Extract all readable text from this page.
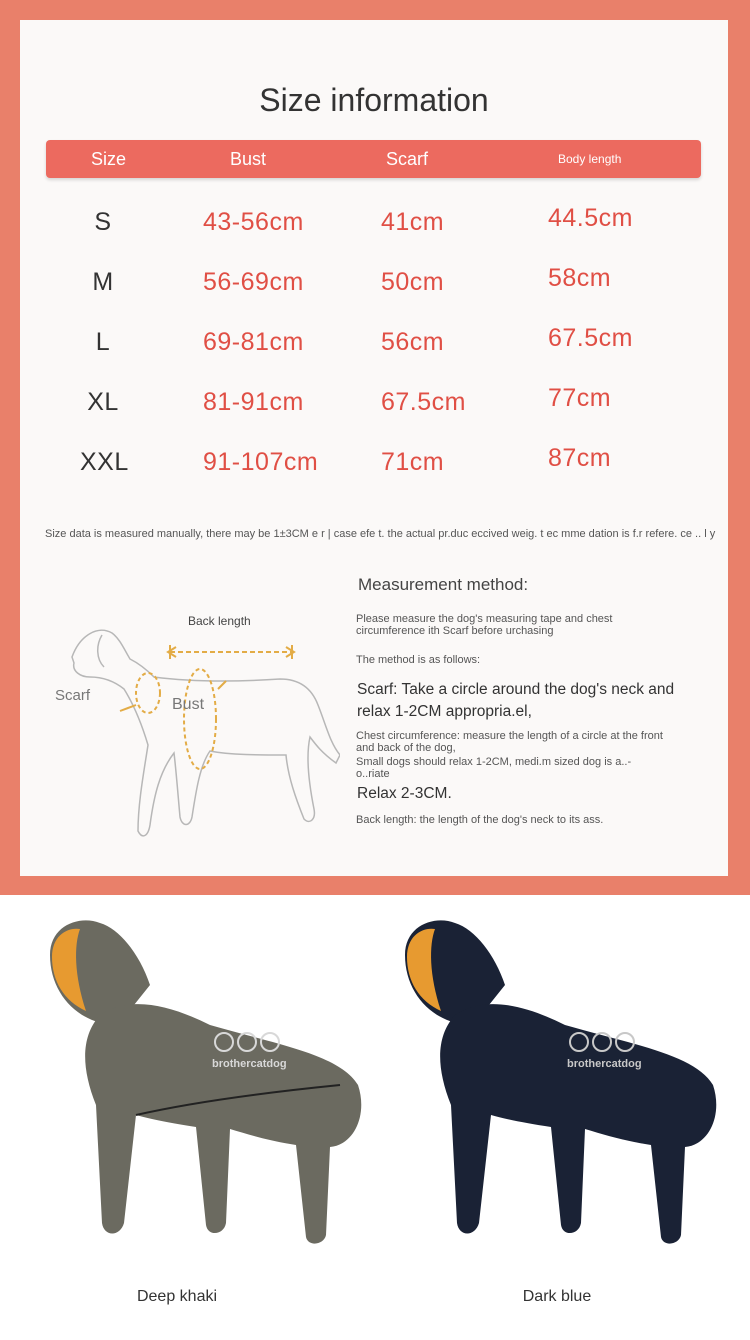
Size information
Size	Bust	Scarf	Body length
S	43-56cm	41cm	44.5cm
M	56-69cm	50cm	58cm
L	69-81cm	56cm	67.5cm
XL	81-91cm	67.5cm	77cm
XXL	91-107cm	71cm	87cm
Size data is measured manually, there may be 1±3CM e r | case efe t. the actual pr.duc eccived weig. t ec mme dation is f.r refere. ce .. l y
Back length
Scarf
Bust
Measurement method:
Please measure the dog's measuring tape and chest circumference ith Scarf before urchasing
The method is as follows:
Scarf: Take a circle around the dog's neck and relax 1-2CM appropria.el,
Chest circumference: measure the length of a circle at the front and back of the dog,
Small dogs should relax 1-2CM, medi.m sized dog is a..-o..riate
Relax 2-3CM.
Back length: the length of the dog's neck to its ass.
brothercatdog	brothercatdog
Deep khaki	Dark blue
